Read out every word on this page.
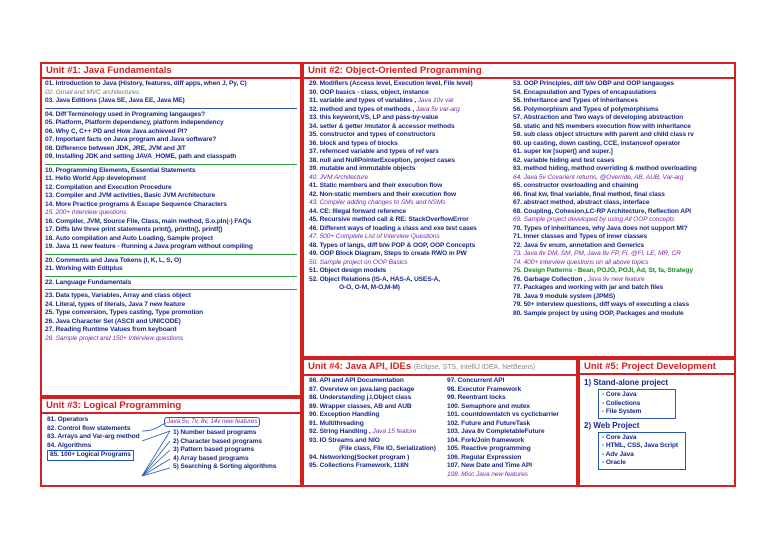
Unit #1: Java Fundamentals
01. Introduction to Java (History, features, diff apps, when J, Py, C)
02. Gmail and MVC architectures
03. Java Editions (Java SE, Java EE, Java ME)
04. Diff Terminology used in Programing langauges?
05. Platform, Platform dependency, platform independency
06. Why C, C++ PD and How Java achieved PI?
07. Important facts on Java program and Java software?
08. Difference between JDK, JRE, JVM and JIT
09. Installing JDK and setting JAVA_HOME, path and classpath
10. Programming Elements, Essential Statements
11. Hello World App development
12. Compilation and Execution Procedure
13. Compiler and JVM activities, Basic JVM Architecture
14. More Practice programs & Escape Sequence Characters
15. 200+ Interview questions
16. Compiler, JVM, Source File, Class, main method, S.o.pln(-) FAQs
17. Diffs b/w three print statements print(), println(), printf()
18. Auto compilation and Auto Loading, Sample project
19. Java 11 new feature - Running a Java program without compiling
20. Comments and Java Tokens (I, K, L, S, O)
21. Working with Editplus
22. Language Fundamentals
23. Data types, Variables, Array and class object
24. Literal, types of literals, Java 7 new feature
25. Type conversion, Types casting, Type promotion
26. Java Character Set (ASCII and UNICODE)
27. Reading Runtime Values from keyboard
28. Sample project and 150+ Interview questions
Unit #2: Object-Oriented Programming
29. Modifiers (Access level, Execution level, File level)
30. OOP basics - class, object, instance
31. variable and types of variables , Java 10v var
32. method and types of methods , Java 5v var-arg
33. this keyword,VS, LP and pass-by-value
34. setter & getter /mutator & accessor methods
35. constructor and types of constructors
36. block and types of blocks
37. refernced variable and types of ref vars
38. null and NullPointerException, project cases
39. mutable and immutable objects
40. JVM Architecture
41. Static members and their execution flow
42. Non-static members and their execution flow
43. Compiler adding changes to SMs and NSMs
44. CE: Illegal forward reference
45. Recursive method call & RE: StackOverflowError
46. Different ways of loading a class and exe test cases
47. 500+ Complete List of Interview Questions
48. Types of langs, diff b/w POP & OOP, OOP Concepts
49. OOP Block Diagram, Steps to create RWO in PW
50. Sample project on OOP Basics
51. Object design models
52. Object Relations (IS-A, HAS-A, USES-A,
O-O, O-M, M-O,M-M)
53. OOP Principles, diff b/w OBP and OOP langauges
54. Encapsulation and Types of encapsulations
55. Inheritance and Types of inheritances
56. Polymorphism and Types of polymorphisms
57. Abstraction and Two ways of developing abstraction
58. static and NS members execution flow with inheritance
59. sub class object structure with parent and child class rv
60. up casting, down casting, CCE, instanceof operator
61. super kw [super() and super.]
62. variable hiding and test cases
63. method hiding, method overriding & method overloading
64. Java 5v Covarient returns, @Override, AB, AUB, Var-arg
65. constructor overloading and chaining
66. final kw, final variable, final method, final class
67. abstract method, abstract class, interface
68. Coupling, Cohesion,LC-RP Architecture, Reflection API
69. Sample project developed by using All OOP concepts
70. Types of inheritances, why Java does not support MI?
71. Inner classes and Types of inner classes
72. Java 5v enum, annotation and Generics
73. Java 8v DM, SM, PM, Java 8v FP, FI, @FI, LE, MR, CR
74. 400+ interview questions on all above topics
75. Design Patterns - Bean, POJO, POJI, Ad, St, fa, Strategy
76. Garbage Collection , Java 9v new feature
77. Packages and working with jar and batch files
78. Java 9 module system (JPMS)
79. 50+ interview questions, diff ways of executing a class
80. Sample project by using OOP, Packages and module
Unit #3: Logical Programming
81. Operators
82. Control flow statements
83. Arrays and Var-arg method
84. Algorithms
85. 100+ Logical Programs
Java 5v, 7v, 8v, 14v new features
1) Number based programs
2) Character based programs
3) Pattern based programs
4) Array based programs
5) Searching & Sorting algorithms
Unit #4: Java API, IDEs (Eclipse, STS, IntelliJ IDEA, NetBeans)
86. API and API Documentation
87. Overview on java.lang package
88. Understanding j.l.Object class
89. Wrapper classes, AB and AUB
90. Exception Handling
91. Multithreading
92. String Handling , Java 15 feature
93. IO Streams and NIO
(File class, File IO, Serialization)
94. Networking(Socket program )
95. Collections Framework, 118N
97. Concurrent API
98. Executor Framework
99. Reentrant locks
100. Semaphore and mutex
101. countdownlatch vs cyclicbarrier
102. Future and FutureTask
103. Java 8v CompletableFuture
104. Fork/Join framework
105. Reactive programming
106. Regular Expression
107. New Date and Time API
108. Misc Java new features
Unit #5: Project Development
1) Stand-alone project
- Core Java
- Collections
- File System
2) Web Project
- Core Java
- HTML, CSS, Java Script
- Adv Java
- Oracle
